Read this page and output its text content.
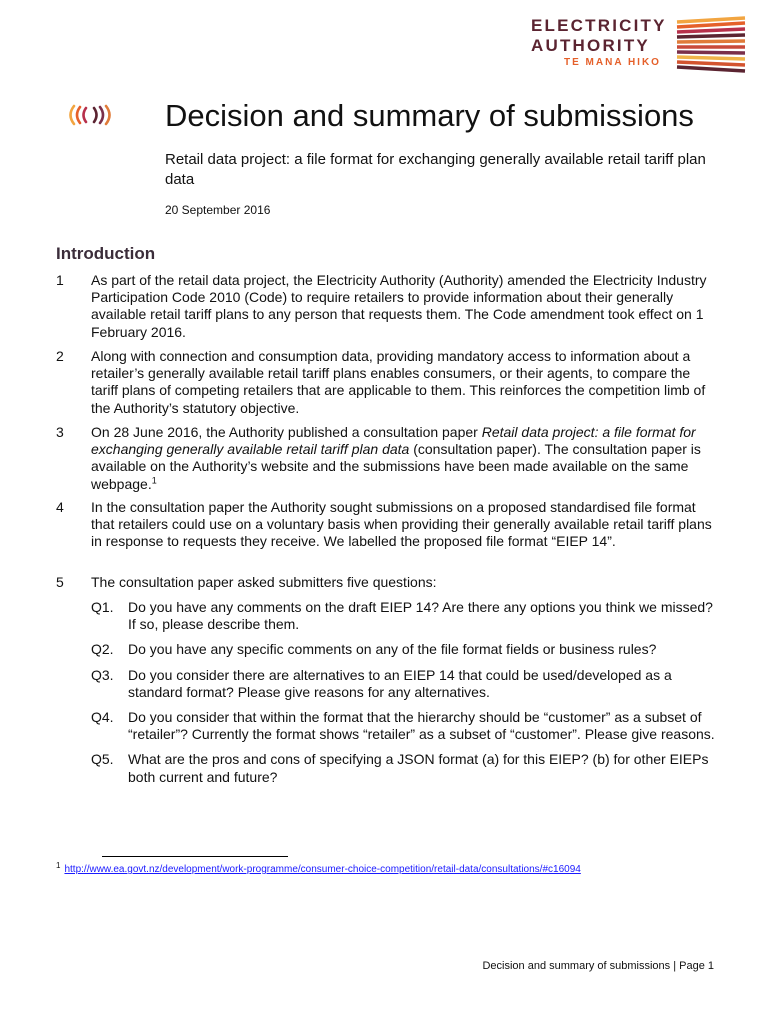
ELECTRICITY
AUTHORITY
TE MANA HIKO
Decision and summary of submissions
Retail data project: a file format for exchanging generally available retail tariff plan data
20 September 2016
Introduction
1 As part of the retail data project, the Electricity Authority (Authority) amended the Electricity Industry Participation Code 2010 (Code) to require retailers to provide information about their generally available retail tariff plans to any person that requests them. The Code amendment took effect on 1 February 2016.
2 Along with connection and consumption data, providing mandatory access to information about a retailer’s generally available retail tariff plans enables consumers, or their agents, to compare the tariff plans of competing retailers that are applicable to them. This reinforces the competition limb of the Authority’s statutory objective.
3 On 28 June 2016, the Authority published a consultation paper Retail data project: a file format for exchanging generally available retail tariff plan data (consultation paper). The consultation paper is available on the Authority’s website and the submissions have been made available on the same webpage.$^1$
4 In the consultation paper the Authority sought submissions on a proposed standardised file format that retailers could use on a voluntary basis when providing their generally available retail tariff plans in response to requests they receive. We labelled the proposed file format “EIEP 14”.
5 The consultation paper asked submitters five questions:
Q1. Do you have any comments on the draft EIEP 14? Are there any options you think we missed? If so, please describe them.
Q2. Do you have any specific comments on any of the file format fields or business rules?
Q3. Do you consider there are alternatives to an EIEP 14 that could be used/developed as a standard format? Please give reasons for any alternatives.
Q4. Do you consider that within the format that the hierarchy should be “customer” as a subset of “retailer”? Currently the format shows “retailer” as a subset of “customer”. Please give reasons.
Q5. What are the pros and cons of specifying a JSON format (a) for this EIEP? (b) for other EIEPs both current and future?
$^1$ http://www.ea.govt.nz/development/work-programme/consumer-choice-competition/retail-data/consultations/#c16094
Decision and summary of submissions | Page 1
